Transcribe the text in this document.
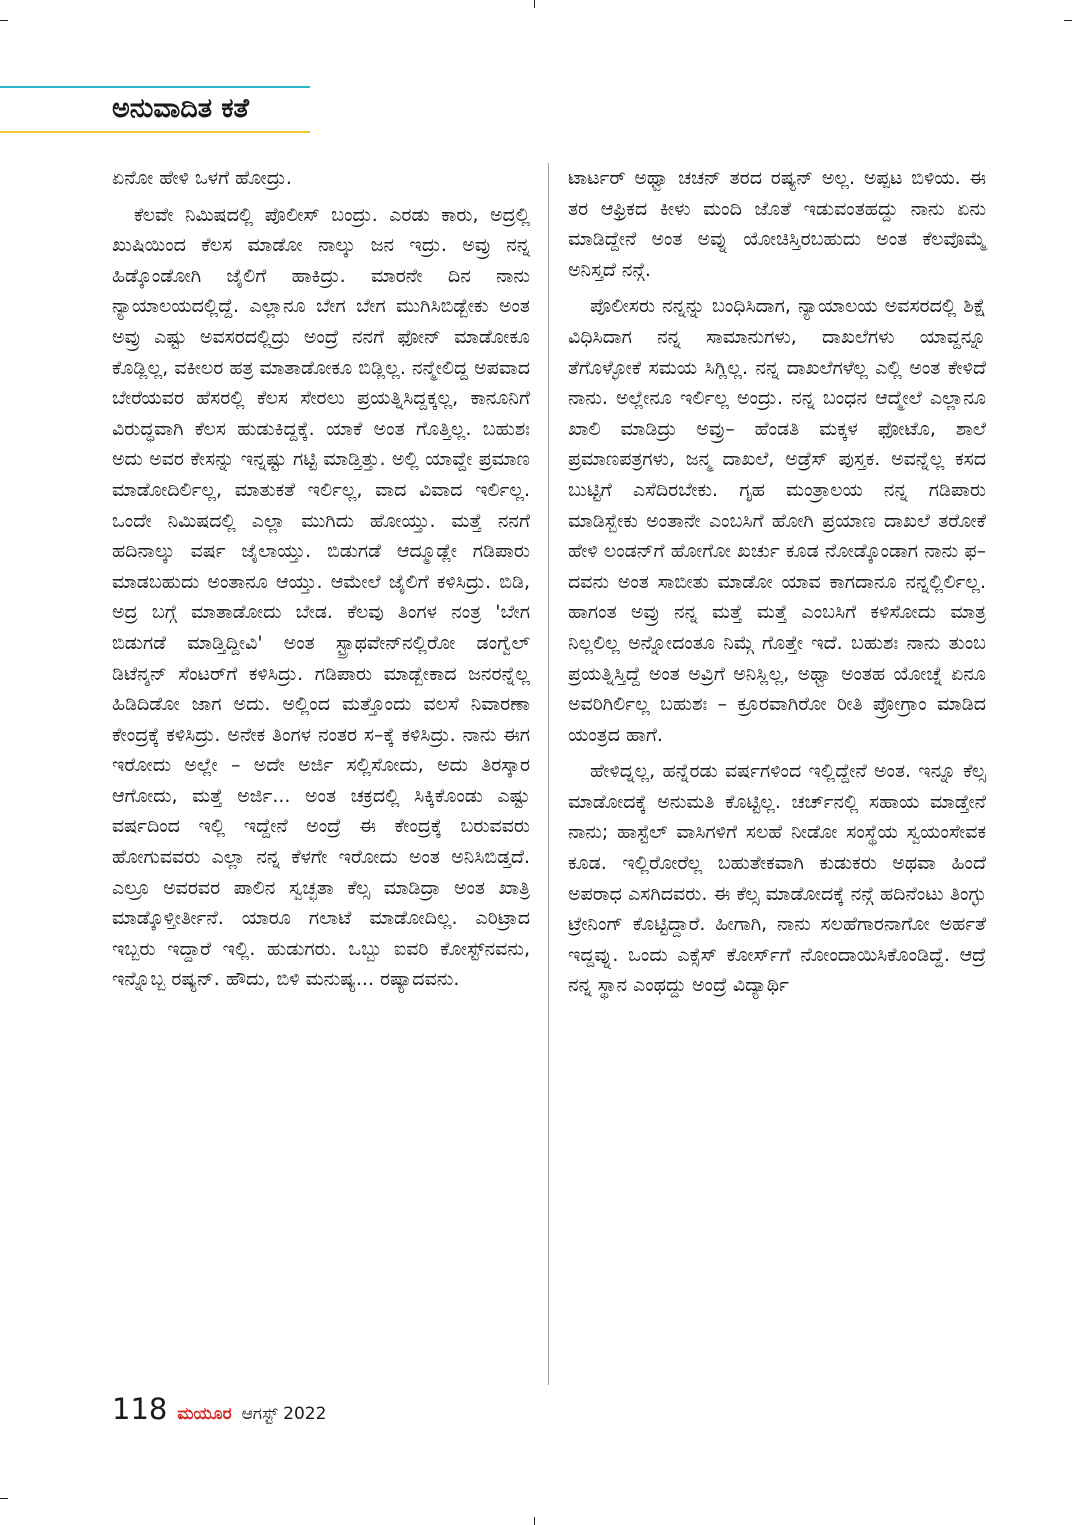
ಅನುವಾದಿತ ಕತೆ

ಏನೋ ಹೇಳಿ ಒಳಗೆ ಹೋದ್ರು.

ಕೆಲವೇ ನಿಮಿಷದಲ್ಲಿ ಪೊಲೀಸ್ ಬಂದ್ರು. ಎರಡು ಕಾರು, ಅದ್ರಲ್ಲಿ ಖುಷಿಯಿಂದ ಕೆಲಸ ಮಾಡೋ ನಾಲ್ಕು ಜನ ಇದ್ರು. ಅವ್ರು ನನ್ನ ಹಿಡ್ಕೊಂಡೋಗಿ ಜೈಲಿಗೆ ಹಾಕಿದ್ರು. ಮಾರನೇ ದಿನ ನಾನು ನ್ಯಾಯಾಲಯದಲ್ಲಿದ್ದೆ. ಎಲ್ಲಾನೂ ಬೇಗ ಬೇಗ ಮುಗಿಸಿಬಿಡ್ಬೇಕು ಅಂತ ಅವ್ರು ಎಷ್ಟು ಅವಸರದಲ್ಲಿದ್ರು ಅಂದ್ರೆ ನನಗೆ ಫೋನ್ ಮಾಡೋಕೂ ಕೊಡ್ಲಿಲ್ಲ, ವಕೀಲರ ಹತ್ರ ಮಾತಾಡೋಕೂ ಬಿಡ್ಲಿಲ್ಲ. ನನ್ಮೇಲಿದ್ದ ಅಪವಾದ ಬೇರೆಯವರ ಹೆಸರಲ್ಲಿ ಕೆಲಸ ಸೇರಲು ಪ್ರಯತ್ನಿಸಿದ್ದಕ್ಕಲ್ಲ, ಕಾನೂನಿಗೆ ವಿರುದ್ಧವಾಗಿ ಕೆಲಸ ಹುಡುಕಿದ್ದಕ್ಕೆ. ಯಾಕೆ ಅಂತ ಗೊತ್ತಿಲ್ಲ. ಬಹುಶಃ ಅದು ಅವರ ಕೇಸನ್ನು ಇನ್ನಷ್ಟು ಗಟ್ಟಿ ಮಾಡ್ತಿತ್ತು. ಅಲ್ಲಿ ಯಾವ್ದೇ ಪ್ರಮಾಣ ಮಾಡೋದಿರ್ಲಿಲ್ಲ, ಮಾತುಕತೆ ಇರ್ಲಿಲ್ಲ, ವಾದ ವಿವಾದ ಇರ್ಲಿಲ್ಲ. ಒಂದೇ ನಿಮಿಷದಲ್ಲಿ ಎಲ್ಲಾ ಮುಗಿದು ಹೋಯ್ತು. ಮತ್ತೆ ನನಗೆ ಹದಿನಾಲ್ಕು ವರ್ಷ ಜೈಲಾಯ್ತು. ಬಿಡುಗಡೆ ಆದ್ಮೂಡ್ಲೇ ಗಡಿಪಾರು ಮಾಡಬಹುದು ಅಂತಾನೂ ಆಯ್ತು. ಆಮೇಲೆ ಜೈಲಿಗೆ ಕಳಿಸಿದ್ರು. ಬಿಡಿ, ಅದ್ರ ಬಗ್ಗೆ ಮಾತಾಡೋದು ಬೇಡ. ಕೆಲವು ತಿಂಗಳ ನಂತ್ರ 'ಬೇಗ ಬಿಡುಗಡೆ ಮಾಡ್ತಿದ್ದೀವಿ' ಅಂತ ಸ್ಟ್ರಾಥವೇನ್‌ನಲ್ಲಿರೋ ಡಂಗ್ವೆಲ್ ಡಿಟೆನ್ಶನ್ ಸೆಂಟರ್‌ಗೆ ಕಳಿಸಿದ್ರು. ಗಡಿಪಾರು ಮಾಡ್ಬೇಕಾದ ಜನರನ್ನೆಲ್ಲ ಹಿಡಿದಿಡೋ ಜಾಗ ಅದು. ಅಲ್ಲಿಂದ ಮತ್ತೊಂದು ವಲಸೆ ನಿವಾರಣಾ ಕೇಂದ್ರಕ್ಕೆ ಕಳಿಸಿದ್ರು. ಅನೇಕ ತಿಂಗಳ ನಂತರ ಸ–ಕ್ಕೆ ಕಳಿಸಿದ್ರು. ನಾನು ಈಗ ಇರೋದು ಅಲ್ಲೇ – ಅದೇ ಅರ್ಜಿ ಸಲ್ಲಿಸೋದು, ಅದು ತಿರಸ್ಕಾರ ಆಗೋದು, ಮತ್ತೆ ಅರ್ಜಿ... ಅಂತ ಚಕ್ರದಲ್ಲಿ ಸಿಕ್ಕಿಕೊಂಡು ಎಷ್ಟು ವರ್ಷದಿಂದ ಇಲ್ಲಿ ಇದ್ದೇನೆ ಅಂದ್ರೆ ಈ ಕೇಂದ್ರಕ್ಕೆ ಬರುವವರು ಹೋಗುವವರು ಎಲ್ಲಾ ನನ್ನ ಕೆಳಗೇ ಇರೋದು ಅಂತ ಅನಿಸಿಬಿಡ್ತದೆ. ಎಲ್ರೂ ಅವರವರ ಪಾಲಿನ ಸ್ವಚ್ಛತಾ ಕೆಲ್ಸ ಮಾಡಿದ್ರಾ ಅಂತ ಖಾತ್ರಿ ಮಾಡ್ಕೊಳ್ತೀರ್ತೀನೆ. ಯಾರೂ ಗಲಾಟೆ ಮಾಡೋದಿಲ್ಲ. ಎರಿಟ್ರಾದ ಇಬ್ಬರು ಇದ್ದಾರೆ ಇಲ್ಲಿ. ಹುಡುಗರು. ಒಬ್ಬು ಐವರಿ ಕೋಸ್ಟ್‌ನವನು, ಇನ್ನೊಬ್ಬ ರಷ್ಯನ್. ಹೌದು, ಬಿಳಿ ಮನುಷ್ಯ... ರಷ್ಯಾದವನು.

ಟಾರ್ಟರ್ ಅಥ್ವಾ ಚಚನ್ ತರದ ರಷ್ಯನ್ ಅಲ್ಲ. ಅಪ್ಪಟ ಬಿಳಿಯ. ಈ ತರ ಆಫ್ರಿಕದ ಕೀಳು ಮಂದಿ ಜೊತೆ ಇಡುವಂತಹದ್ದು ನಾನು ಏನು ಮಾಡಿದ್ದೇನೆ ಅಂತ ಅವ್ನು ಯೋಚಿಸ್ತಿರಬಹುದು ಅಂತ ಕೆಲವೊಮ್ಮೆ ಅನಿಸ್ತದೆ ನನ್ಗೆ.

ಪೊಲೀಸರು ನನ್ನನ್ನು ಬಂಧಿಸಿದಾಗ, ನ್ಯಾಯಾಲಯ ಅವಸರದಲ್ಲಿ ಶಿಕ್ಷೆ ವಿಧಿಸಿದಾಗ ನನ್ನ ಸಾಮಾನುಗಳು, ದಾಖಲೆಗಳು ಯಾವ್ದನ್ನೂ ತೆಗೊಳ್ಳೋಕೆ ಸಮಯ ಸಿಗ್ಲಿಲ್ಲ. ನನ್ನ ದಾಖಲೆಗಳೆಲ್ಲ ಎಲ್ಲಿ ಅಂತ ಕೇಳಿದೆ ನಾನು. ಅಲ್ಲೇನೂ ಇರ್ಲಿಲ್ಲ ಅಂದ್ರು. ನನ್ನ ಬಂಧನ ಆದ್ಮೇಲೆ ಎಲ್ಲಾನೂ ಖಾಲಿ ಮಾಡಿದ್ರು ಅವ್ರು– ಹೆಂಡತಿ ಮಕ್ಕಳ ಫೋಟೊ, ಶಾಲೆ ಪ್ರಮಾಣಪತ್ರಗಳು, ಜನ್ಮ ದಾಖಲೆ, ಅಡ್ರೆಸ್ ಪುಸ್ತಕ. ಅವನ್ನೆಲ್ಲ ಕಸದ ಬುಟ್ಟಿಗೆ ಎಸೆದಿರಬೇಕು. ಗೃಹ ಮಂತ್ರಾಲಯ ನನ್ನ ಗಡಿಪಾರು ಮಾಡಿಸ್ಬೇಕು ಅಂತಾನೇ ಎಂಬಸಿಗೆ ಹೋಗಿ ಪ್ರಯಾಣ ದಾಖಲೆ ತರೋಕೆ ಹೇಳಿ ಲಂಡನ್‌ಗೆ ಹೋಗೋ ಖರ್ಚು ಕೂಡ ನೋಡ್ಕೊಂಡಾಗ ನಾನು ಫ–ದವನು ಅಂತ ಸಾಬೀತು ಮಾಡೋ ಯಾವ ಕಾಗದಾನೂ ನನ್ನಲ್ಲಿರ್ಲಿಲ್ಲ. ಹಾಗಂತ ಅವ್ರು ನನ್ನ ಮತ್ತೆ ಮತ್ತೆ ಎಂಬಸಿಗೆ ಕಳಿಸೋದು ಮಾತ್ರ ನಿಲ್ಲಲಿಲ್ಲ ಅನ್ನೋದಂತೂ ನಿಮ್ಗೆ ಗೊತ್ತೇ ಇದೆ. ಬಹುಶಃ ನಾನು ತುಂಬ ಪ್ರಯತ್ನಿಸ್ತಿದ್ದೆ ಅಂತ ಅವ್ರಿಗೆ ಅನಿಸ್ಲಿಲ್ಲ, ಅಥ್ವಾ ಅಂತಹ ಯೋಚ್ನೆ ಏನೂ ಅವರಿಗಿರ್ಲಿಲ್ಲ ಬಹುಶಃ – ಕ್ರೂರವಾಗಿರೋ ರೀತಿ ಪ್ರೋಗ್ರಾಂ ಮಾಡಿದ ಯಂತ್ರದ ಹಾಗೆ.

ಹೇಳಿದ್ನಲ್ಲ, ಹನ್ನೆರಡು ವರ್ಷಗಳಿಂದ ಇಲ್ಲಿದ್ದೇನೆ ಅಂತ. ಇನ್ನೂ ಕೆಲ್ಸ ಮಾಡೋದಕ್ಕೆ ಅನುಮತಿ ಕೊಟ್ಟಿಲ್ಲ. ಚರ್ಚ್‌ನಲ್ಲಿ ಸಹಾಯ ಮಾಡ್ತೇನೆ ನಾನು; ಹಾಸ್ಟೆಲ್ ವಾಸಿಗಳಿಗೆ ಸಲಹೆ ನೀಡೋ ಸಂಸ್ಥೆಯ ಸ್ವಯಂಸೇವಕ ಕೂಡ. ಇಲ್ಲಿರೋರೆಲ್ಲ ಬಹುತೇಕವಾಗಿ ಕುಡುಕರು ಅಥವಾ ಹಿಂದೆ ಅಪರಾಧ ಎಸಗಿದವರು. ಈ ಕೆಲ್ಸ ಮಾಡೋದಕ್ಕೆ ನನ್ಗೆ ಹದಿನೆಂಟು ತಿಂಗ್ಳು ಟ್ರೇನಿಂಗ್ ಕೊಟ್ಟಿದ್ದಾರೆ. ಹೀಗಾಗಿ, ನಾನು ಸಲಹೆಗಾರನಾಗೋ ಅರ್ಹತೆ ಇದ್ದವ್ನು. ಒಂದು ಎಕ್ಸೆಸ್ ಕೋರ್ಸ್‌ಗೆ ನೋಂದಾಯಿಸಿಕೊಂಡಿದ್ದೆ. ಆದ್ರೆ ನನ್ನ ಸ್ಥಾನ ಎಂಥದ್ದು ಅಂದ್ರೆ ವಿದ್ಯಾರ್ಥಿ

118 ಮಯೂರ ಆಗಸ್ಟ್ 2022
